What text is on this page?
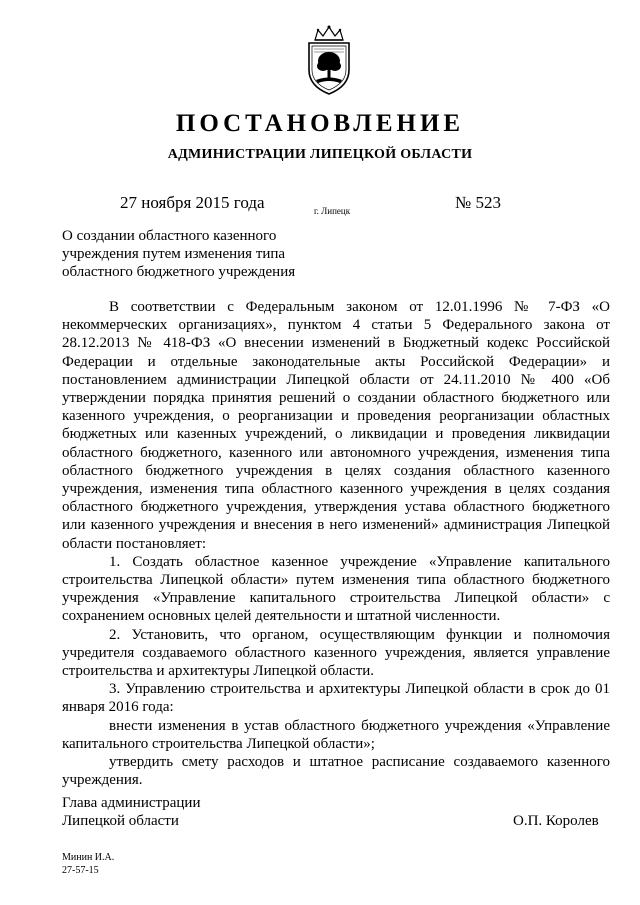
ПОСТАНОВЛЕНИЕ
АДМИНИСТРАЦИИ ЛИПЕЦКОЙ ОБЛАСТИ
27 ноября 2015 года	г. Липецк	№ 523
О создании областного казенного
учреждения путем изменения типа
областного бюджетного учреждения

В соответствии с Федеральным законом от 12.01.1996 № 7-ФЗ «О некоммерческих организациях», пунктом 4 статьи 5 Федерального закона от 28.12.2013 № 418-ФЗ «О внесении изменений в Бюджетный кодекс Российской Федерации и отдельные законодательные акты Российской Федерации» и постановлением администрации Липецкой области от 24.11.2010 № 400 «Об утверждении порядка принятия решений о создании областного бюджетного или казенного учреждения, о реорганизации и проведения реорганизации областных бюджетных или казенных учреждений, о ликвидации и проведения ликвидации областного бюджетного, казенного или автономного учреждения, изменения типа областного бюджетного учреждения в целях создания областного казенного учреждения, изменения типа областного казенного учреждения в целях создания областного бюджетного учреждения, утверждения устава областного бюджетного или казенного учреждения и внесения в него изменений» администрация Липецкой области постановляет:

1. Создать областное казенное учреждение «Управление капитального строительства Липецкой области» путем изменения типа областного бюджетного учреждения «Управление капитального строительства Липецкой области» с сохранением основных целей деятельности и штатной численности.

2. Установить, что органом, осуществляющим функции и полномочия учредителя создаваемого областного казенного учреждения, является управление строительства и архитектуры Липецкой области.

3. Управлению строительства и архитектуры Липецкой области в срок до 01 января 2016 года:

внести изменения в устав областного бюджетного учреждения «Управление капитального строительства Липецкой области»;

утвердить смету расходов и штатное расписание создаваемого казенного учреждения.

Глава администрации
Липецкой области	О.П. Королев
Минин И.А.
27-57-15
